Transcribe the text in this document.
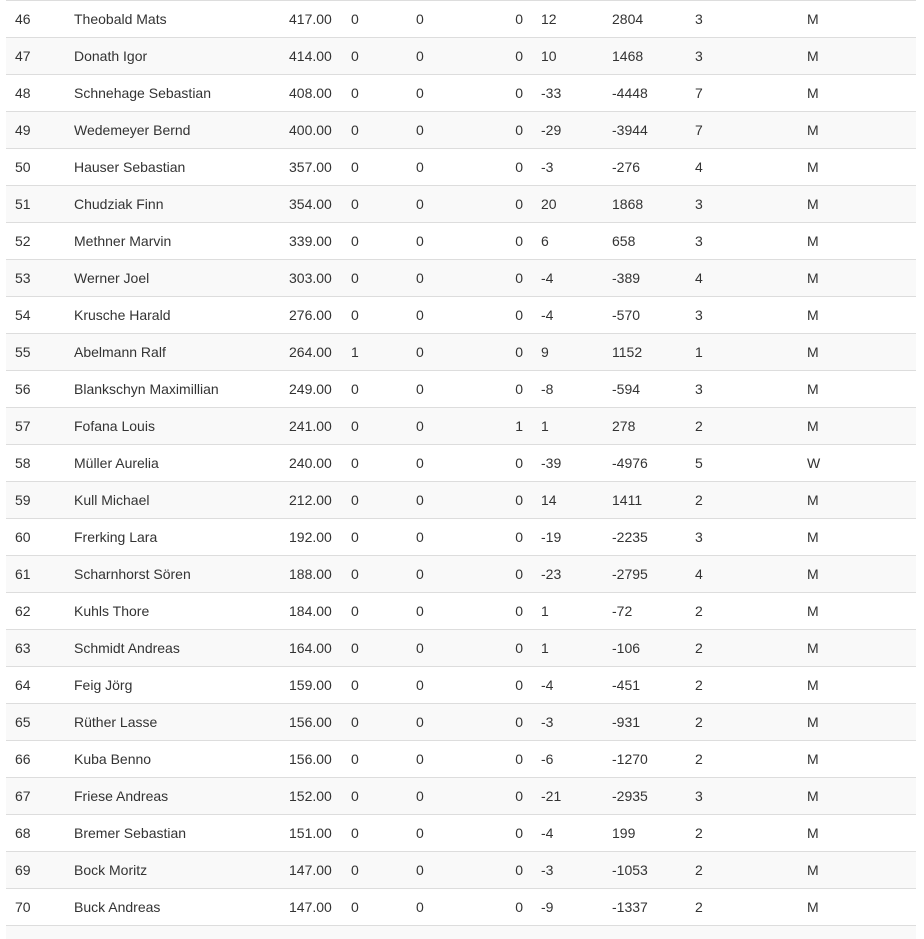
46	Theobald Mats	417.00	0	0	0	12	2804	3	M
47	Donath Igor	414.00	0	0	0	10	1468	3	M
48	Schnehage Sebastian	408.00	0	0	0	-33	-4448	7	M
49	Wedemeyer Bernd	400.00	0	0	0	-29	-3944	7	M
50	Hauser Sebastian	357.00	0	0	0	-3	-276	4	M
51	Chudziak Finn	354.00	0	0	0	20	1868	3	M
52	Methner Marvin	339.00	0	0	0	6	658	3	M
53	Werner Joel	303.00	0	0	0	-4	-389	4	M
54	Krusche Harald	276.00	0	0	0	-4	-570	3	M
55	Abelmann Ralf	264.00	1	0	0	9	1152	1	M
56	Blankschyn Maximillian	249.00	0	0	0	-8	-594	3	M
57	Fofana Louis	241.00	0	0	1	1	278	2	M
58	Müller Aurelia	240.00	0	0	0	-39	-4976	5	W
59	Kull Michael	212.00	0	0	0	14	1411	2	M
60	Frerking Lara	192.00	0	0	0	-19	-2235	3	M
61	Scharnhorst Sören	188.00	0	0	0	-23	-2795	4	M
62	Kuhls Thore	184.00	0	0	0	1	-72	2	M
63	Schmidt Andreas	164.00	0	0	0	1	-106	2	M
64	Feig Jörg	159.00	0	0	0	-4	-451	2	M
65	Rüther Lasse	156.00	0	0	0	-3	-931	2	M
66	Kuba Benno	156.00	0	0	0	-6	-1270	2	M
67	Friese Andreas	152.00	0	0	0	-21	-2935	3	M
68	Bremer Sebastian	151.00	0	0	0	-4	199	2	M
69	Bock Moritz	147.00	0	0	0	-3	-1053	2	M
70	Buck Andreas	147.00	0	0	0	-9	-1337	2	M
